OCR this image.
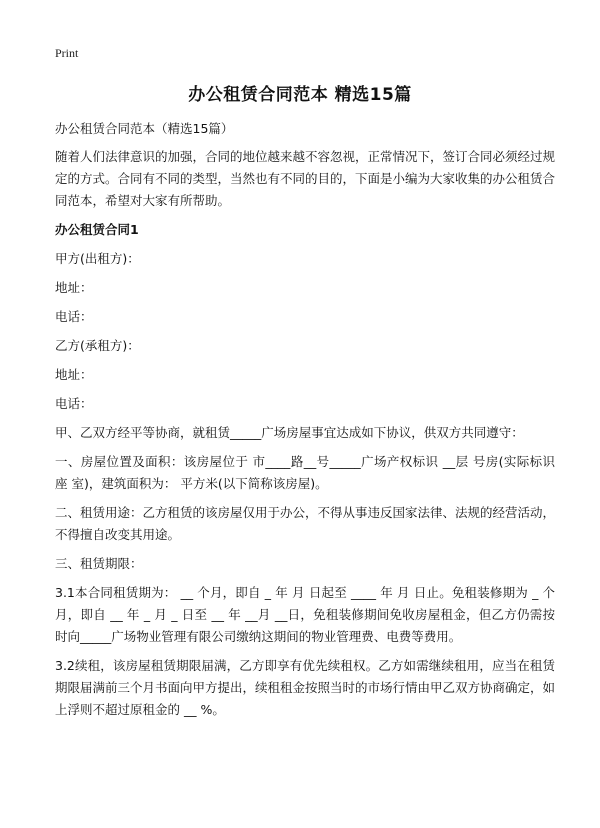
Print
办公租赁合同范本 精选15篇

办公租赁合同范本（精选15篇）

随着人们法律意识的加强，合同的地位越来越不容忽视，正常情况下，签订合同必须经过规定的方式。合同有不同的类型，当然也有不同的目的，下面是小编为大家收集的办公租赁合同范本，希望对大家有所帮助。

办公租赁合同1

甲方(出租方)：

地址：

电话：

乙方(承租方)：

地址：

电话：

甲、乙双方经平等协商，就租赁_____广场房屋事宜达成如下协议，供双方共同遵守：

一、房屋位置及面积：该房屋位于 市____路__号_____广场产权标识 __层 号房(实际标识 座 室)，建筑面积为： 平方米(以下简称该房屋)。

二、租赁用途：乙方租赁的该房屋仅用于办公，不得从事违反国家法律、法规的经营活动，不得擅自改变其用途。

三、租赁期限：

3.1本合同租赁期为： __ 个月，即自 _ 年 月 日起至 ____ 年 月 日止。免租装修期为 _ 个月，即自 __ 年 _ 月 _ 日至 __ 年 __月 __日，免租装修期间免收房屋租金，但乙方仍需按时向_____广场物业管理有限公司缴纳这期间的物业管理费、电费等费用。

3.2续租，该房屋租赁期限届满，乙方即享有优先续租权。乙方如需继续租用，应当在租赁期限届满前三个月书面向甲方提出，续租租金按照当时的市场行情由甲乙双方协商确定，如上浮则不超过原租金的 __ %。
